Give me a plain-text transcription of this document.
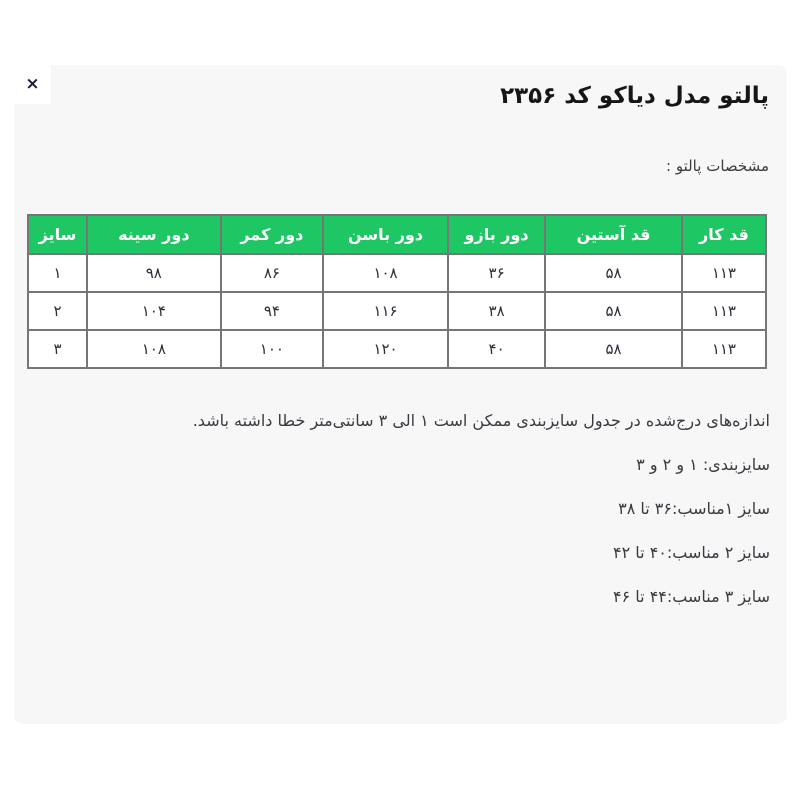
×	پالتو مدل دیاکو کد ۲۳۵۶
مشخصات پالتو :
سایز	دور سینه	دور کمر	دور باسن	دور بازو	قد آستین	قد کار
۱	۹۸	۸۶	۱۰۸	۳۶	۵۸	۱۱۳
۲	۱۰۴	۹۴	۱۱۶	۳۸	۵۸	۱۱۳
۳	۱۰۸	۱۰۰	۱۲۰	۴۰	۵۸	۱۱۳

اندازه‌های درج‌شده در جدول سایزبندی ممکن است ۱ الی ۳ سانتی‌متر خطا داشته باشد.

سایزبندی: ۱ و ۲ و ۳

سایز ۱مناسب:۳۶ تا ۳۸

سایز ۲ مناسب:۴۰ تا ۴۲

سایز ۳ مناسب:۴۴ تا ۴۶
